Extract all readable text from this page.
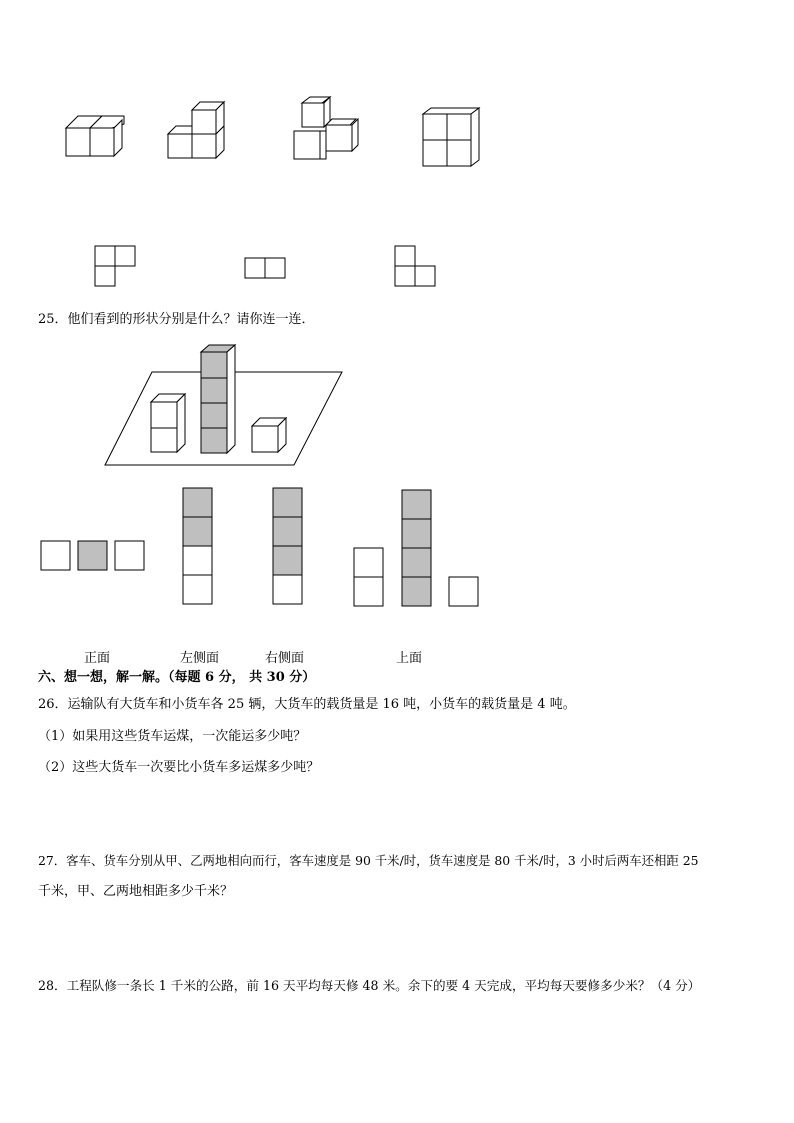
25．他们看到的形状分别是什么？请你连一连．
正面	左侧面	右侧面	上面
六、想一想，解一解。（每题 6 分， 共 30 分）
26．运输队有大货车和小货车各 25 辆，大货车的载货量是 16 吨，小货车的载货量是 4 吨。
（1）如果用这些货车运煤，一次能运多少吨？
（2）这些大货车一次要比小货车多运煤多少吨？
27．客车、货车分别从甲、乙两地相向而行，客车速度是 90 千米/时，货车速度是 80 千米/时，3 小时后两车还相距 25
千米，甲、乙两地相距多少千米？
28．工程队修一条长 1 千米的公路，前 16 天平均每天修 48 米。余下的要 4 天完成，平均每天要修多少米？（4 分）
